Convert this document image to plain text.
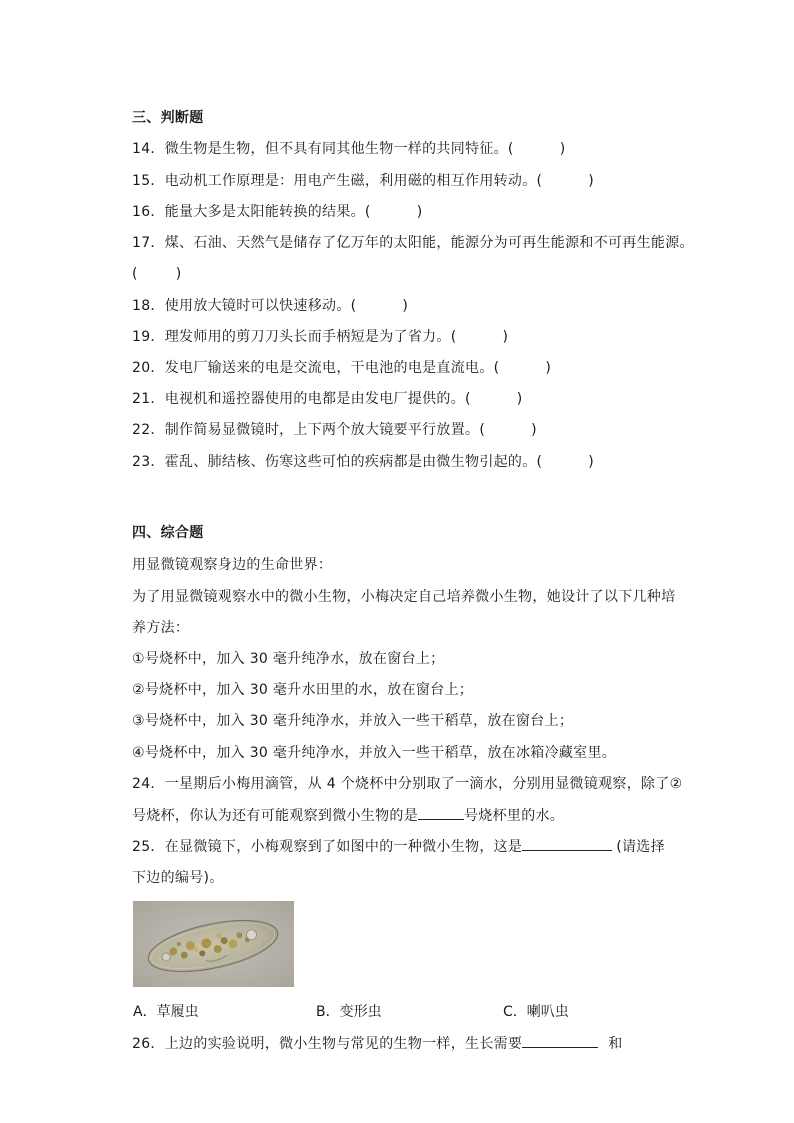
三、判断题
14．微生物是生物，但不具有同其他生物一样的共同特征。(	)
15．电动机工作原理是：用电产生磁，利用磁的相互作用转动。(	)
16．能量大多是太阳能转换的结果。(	)
17．煤、石油、天然气是储存了亿万年的太阳能，能源分为可再生能源和不可再生能源。
(	)
18．使用放大镜时可以快速移动。(	)
19．理发师用的剪刀刀头长而手柄短是为了省力。(	)
20．发电厂输送来的电是交流电，干电池的电是直流电。(	)
21．电视机和遥控器使用的电都是由发电厂提供的。(	)
22．制作简易显微镜时，上下两个放大镜要平行放置。(	)
23．霍乱、肺结核、伤寒这些可怕的疾病都是由微生物引起的。(	)
四、综合题
用显微镜观察身边的生命世界：
为了用显微镜观察水中的微小生物，小梅决定自己培养微小生物，她设计了以下几种培
养方法：
①号烧杯中，加入 30 毫升纯净水，放在窗台上；
②号烧杯中，加入 30 毫升水田里的水，放在窗台上；
③号烧杯中，加入 30 毫升纯净水，并放入一些干稻草，放在窗台上；
④号烧杯中，加入 30 毫升纯净水，并放入一些干稻草，放在冰箱冷藏室里。
24．一星期后小梅用滴管，从 4 个烧杯中分别取了一滴水，分别用显微镜观察，除了②
号烧杯，你认为还有可能观察到微小生物的是	号烧杯里的水。
25．在显微镜下，小梅观察到了如图中的一种微小生物，这是	(请选择
下边的编号)。
A．草履虫	B．变形虫	C．喇叭虫
26．上边的实验说明，微小生物与常见的生物一样，生长需要	和
